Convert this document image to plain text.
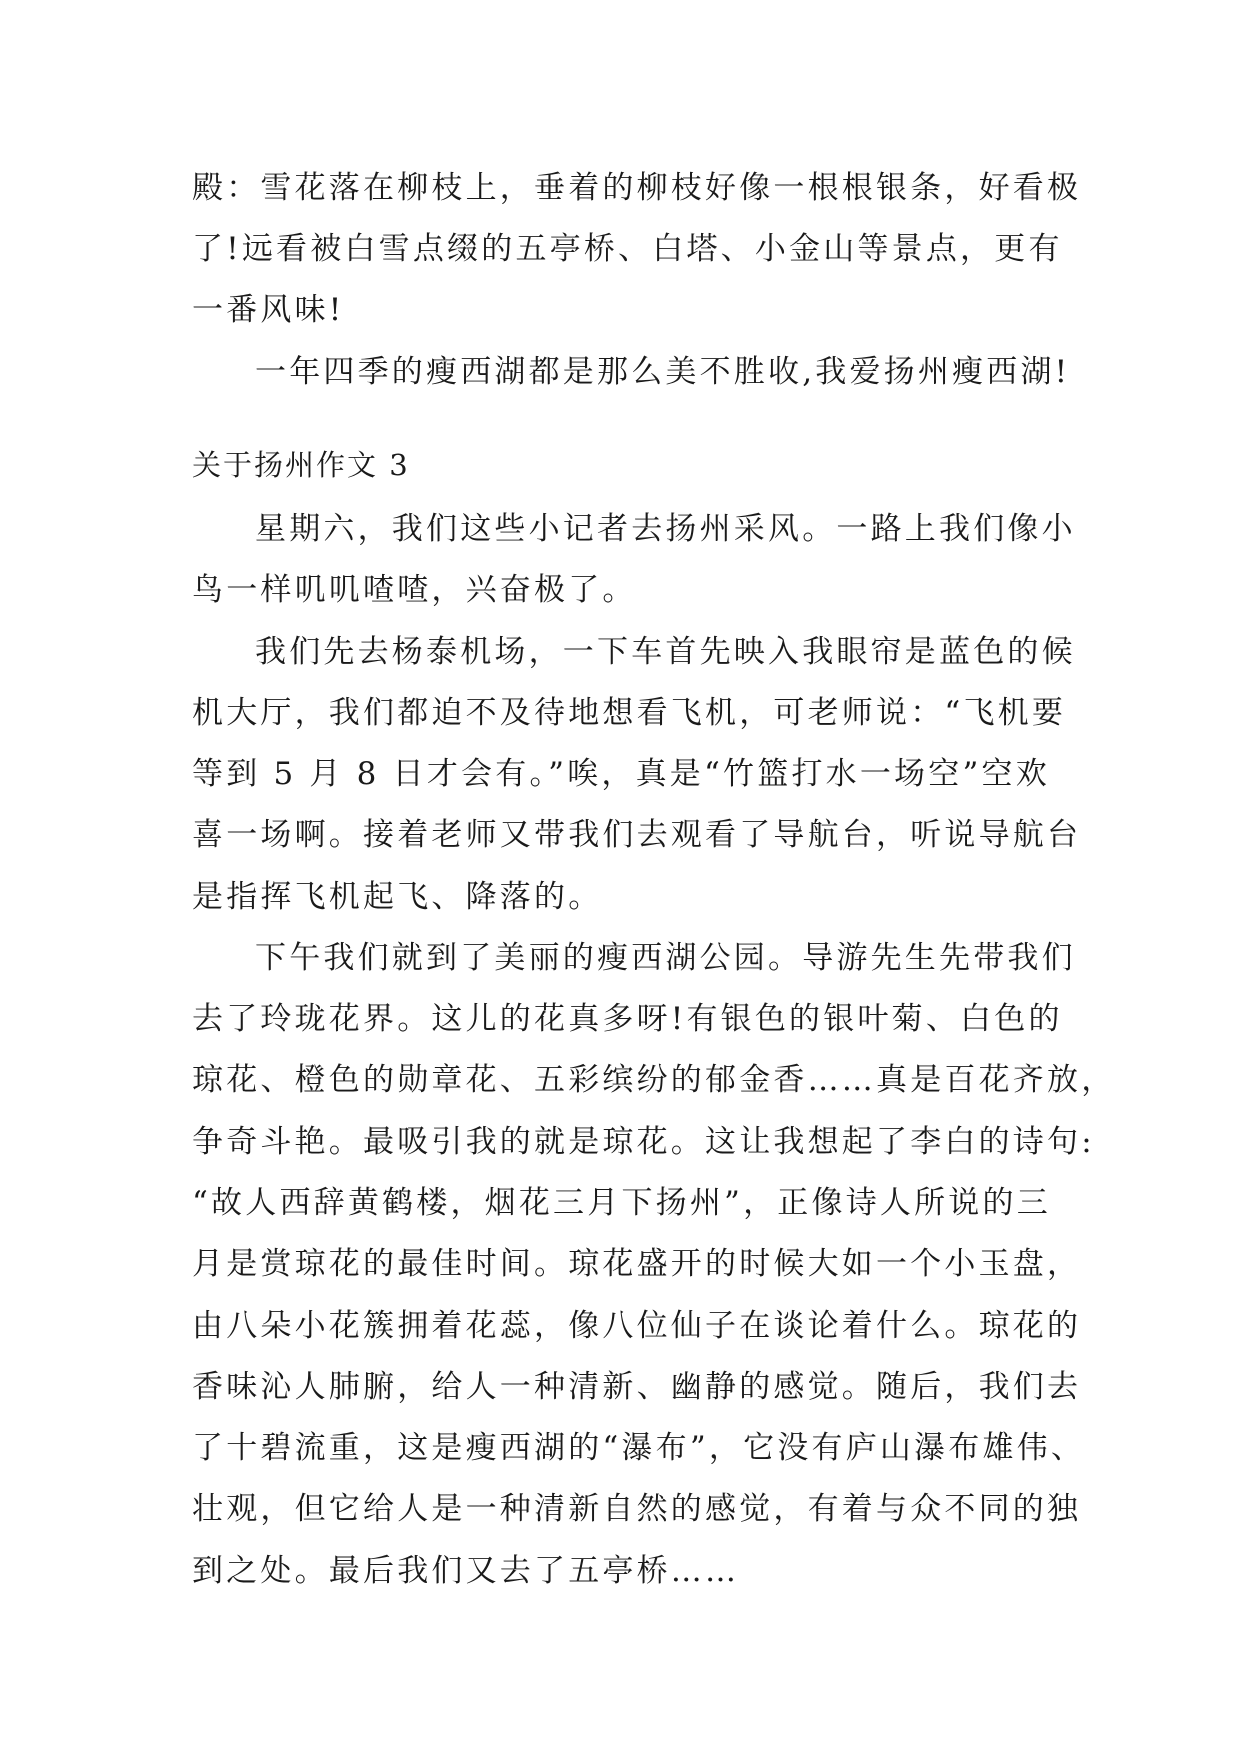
殿：雪花落在柳枝上，垂着的柳枝好像一根根银条，好看极
了!远看被白雪点缀的五亭桥、白塔、小金山等景点，更有
一番风味!
一年四季的瘦西湖都是那么美不胜收,我爱扬州瘦西湖!
关于扬州作文 3
星期六，我们这些小记者去扬州采风。一路上我们像小
鸟一样叽叽喳喳，兴奋极了。
我们先去杨泰机场，一下车首先映入我眼帘是蓝色的候
机大厅，我们都迫不及待地想看飞机，可老师说：“飞机要
等到 5 月 8 日才会有。”唉，真是“竹篮打水一场空”空欢
喜一场啊。接着老师又带我们去观看了导航台，听说导航台
是指挥飞机起飞、降落的。
下午我们就到了美丽的瘦西湖公园。导游先生先带我们
去了玲珑花界。这儿的花真多呀!有银色的银叶菊、白色的
琼花、橙色的勋章花、五彩缤纷的郁金香……真是百花齐放，
争奇斗艳。最吸引我的就是琼花。这让我想起了李白的诗句:
“故人西辞黄鹤楼，烟花三月下扬州”，正像诗人所说的三
月是赏琼花的最佳时间。琼花盛开的时候大如一个小玉盘，
由八朵小花簇拥着花蕊，像八位仙子在谈论着什么。琼花的
香味沁人肺腑，给人一种清新、幽静的感觉。随后，我们去
了十碧流重，这是瘦西湖的“瀑布”，它没有庐山瀑布雄伟、
壮观，但它给人是一种清新自然的感觉，有着与众不同的独
到之处。最后我们又去了五亭桥……
